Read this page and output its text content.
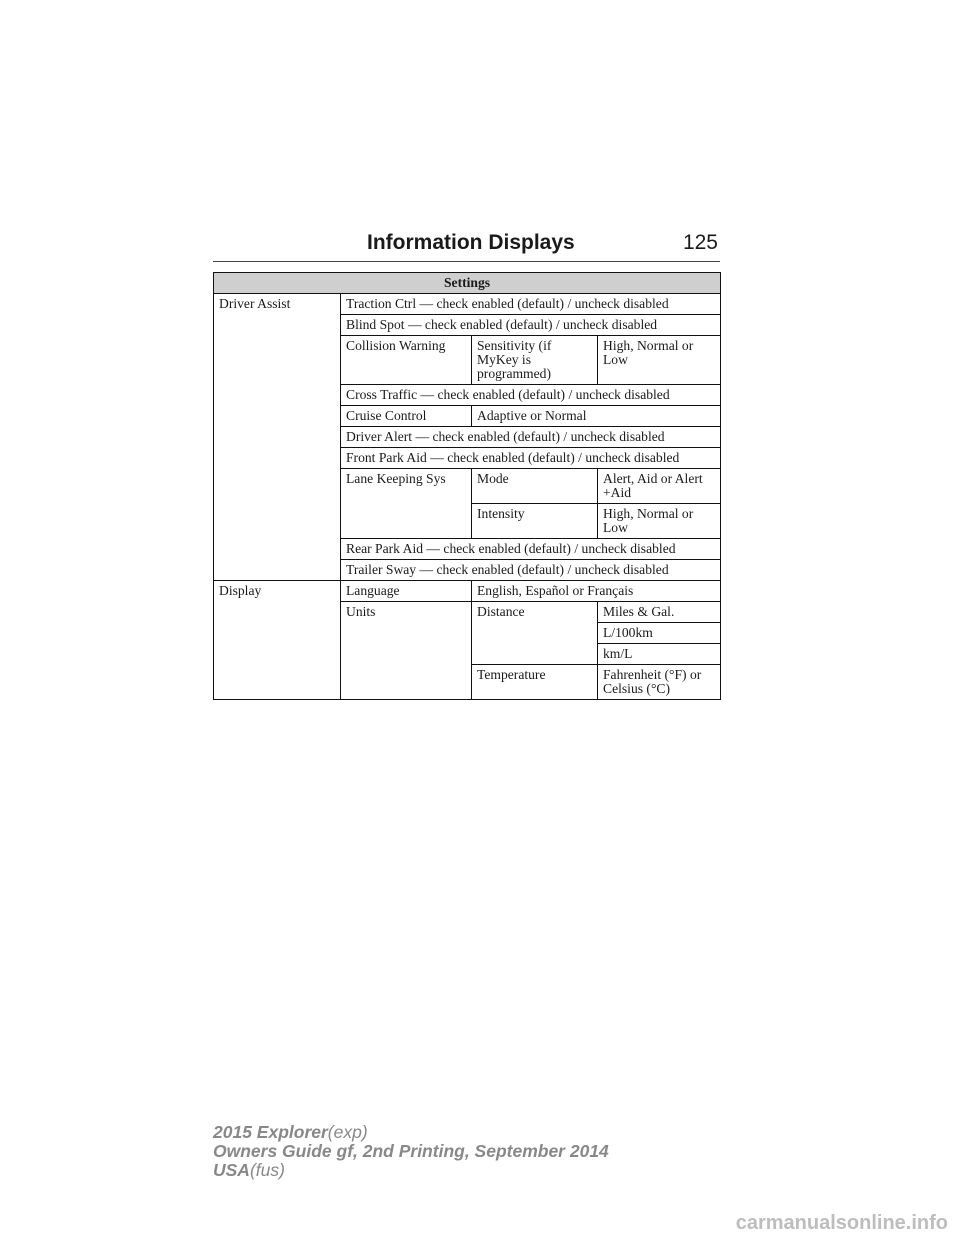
Information Displays	125
Settings			
Driver Assist	Traction Ctrl — check enabled (default) / uncheck disabled		
	Blind Spot — check enabled (default) / uncheck disabled		
	Collision Warning	Sensitivity (if MyKey is programmed)	High, Normal or Low
	Cross Traffic — check enabled (default) / uncheck disabled		
	Cruise Control	Adaptive or Normal	
	Driver Alert — check enabled (default) / uncheck disabled		
	Front Park Aid — check enabled (default) / uncheck disabled		
	Lane Keeping Sys	Mode	Alert, Aid or Alert +Aid
		Intensity	High, Normal or Low
	Rear Park Aid — check enabled (default) / uncheck disabled		
	Trailer Sway — check enabled (default) / uncheck disabled		
Display	Language	English, Español or Français	
	Units	Distance	Miles & Gal.
			L/100km
			km/L
		Temperature	Fahrenheit (°F) or Celsius (°C)
2015 Explorer(exp)
Owners Guide gf, 2nd Printing, September 2014
USA(fus)
carmanualsonline.info
